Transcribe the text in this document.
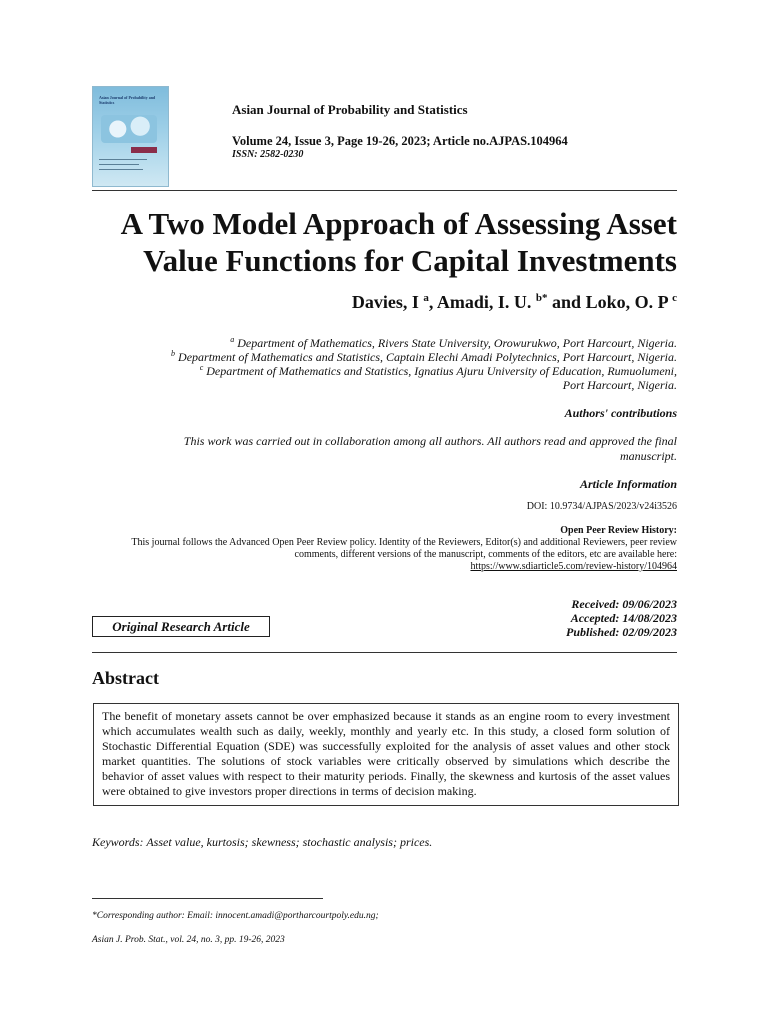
Asian Journal of Probability and Statistics	Asian Journal of Probability and Statistics
Volume 24, Issue 3, Page 19-26, 2023; Article no.AJPAS.104964
ISSN: 2582-0230
A Two Model Approach of Assessing Asset
Value Functions for Capital Investments
Davies, I $^a$, Amadi, I. U. $^{b*}$ and Loko, O. P $^c$
$^a$ Department of Mathematics, Rivers State University, Orowurukwo, Port Harcourt, Nigeria.
$^b$ Department of Mathematics and Statistics, Captain Elechi Amadi Polytechnics, Port Harcourt, Nigeria.
$^c$ Department of Mathematics and Statistics, Ignatius Ajuru University of Education, Rumuolumeni,
Port Harcourt, Nigeria.
Authors' contributions
This work was carried out in collaboration among all authors. All authors read and approved the final
manuscript.
Article Information
DOI: 10.9734/AJPAS/2023/v24i3526
Open Peer Review History:
This journal follows the Advanced Open Peer Review policy. Identity of the Reviewers, Editor(s) and additional Reviewers, peer review
comments, different versions of the manuscript, comments of the editors, etc are available here:
https://www.sdiarticle5.com/review-history/104964
Original Research Article
Received: 09/06/2023
Accepted: 14/08/2023
Published: 02/09/2023
Abstract
The benefit of monetary assets cannot be over emphasized because it stands as an engine room to every investment which accumulates wealth such as daily, weekly, monthly and yearly etc. In this study, a closed form solution of Stochastic Differential Equation (SDE) was successfully exploited for the analysis of asset values and other stock market quantities. The solutions of stock variables were critically observed by simulations which describe the behavior of asset values with respect to their maturity periods. Finally, the skewness and kurtosis of the asset values were obtained to give investors proper directions in terms of decision making.
Keywords: Asset value, kurtosis; skewness; stochastic analysis; prices.
*Corresponding author: Email: innocent.amadi@portharcourtpoly.edu.ng;
Asian J. Prob. Stat., vol. 24, no. 3, pp. 19-26, 2023
